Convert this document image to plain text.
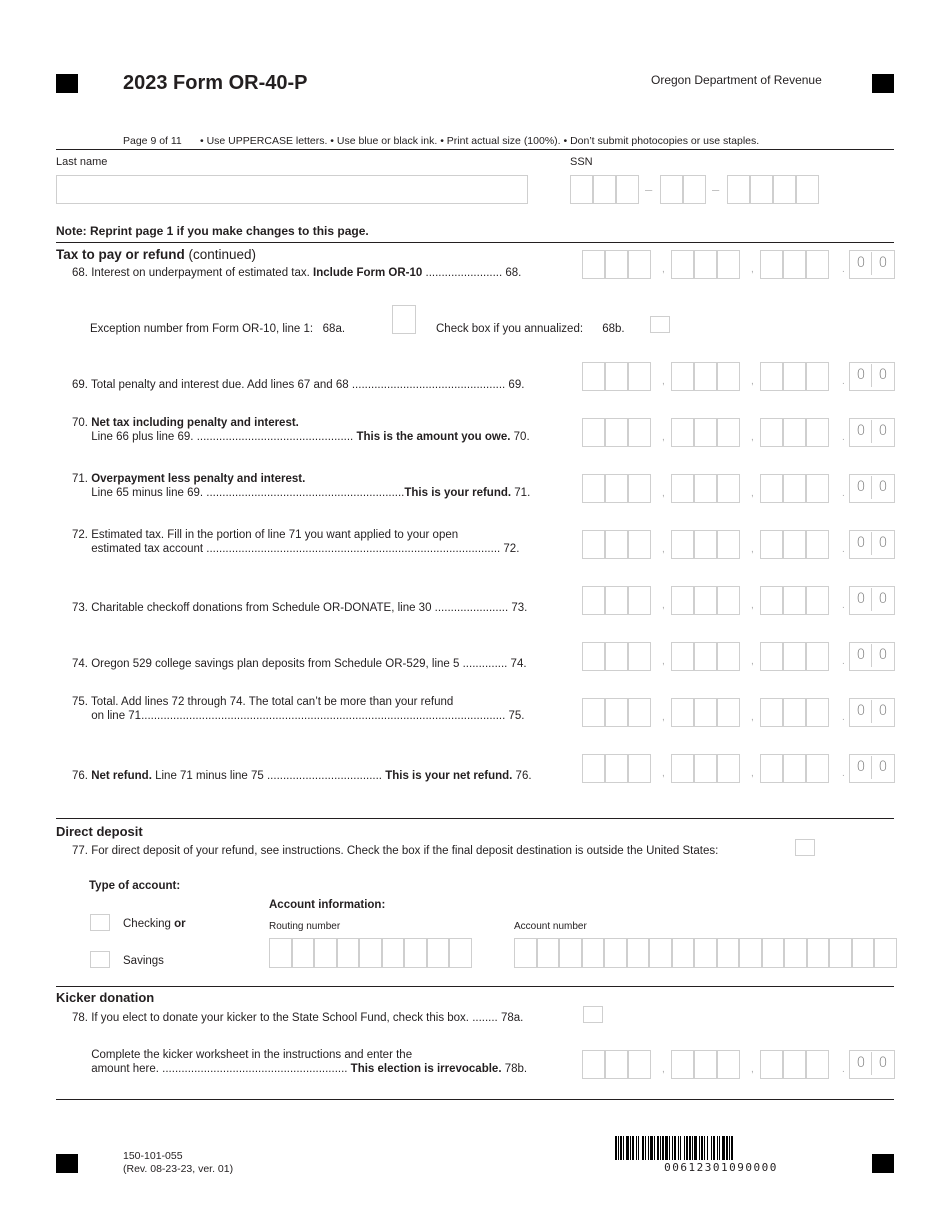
2023 Form OR-40-P	Oregon Department of Revenue
Page 9 of 11 • Use UPPERCASE letters. • Use blue or black ink. • Print actual size (100%). • Don’t submit photocopies or use staples.
Last name	SSN
–	–
Note: Reprint page 1 if you make changes to this page.
Tax to pay or refund (continued)
68. Interest on underpayment of estimated tax. Include Form OR-10 ........................ 68.	,	,	. 0 0
Exception number from Form OR-10, line 1: 68a.	Check box if you annualized: 68b.
69. Total penalty and interest due. Add lines 67 and 68 ................................................ 69.	,	,	. 0 0
70. Net tax including penalty and interest.
Line 66 plus line 69. ................................................. This is the amount you owe. 70.	,	,	. 0 0
71. Overpayment less penalty and interest.
Line 65 minus line 69. ..............................................................This is your refund. 71.	,	,	. 0 0
72. Estimated tax. Fill in the portion of line 71 you want applied to your open
estimated tax account ............................................................................................ 72.	,	,	. 0 0
73. Charitable checkoff donations from Schedule OR-DONATE, line 30 ....................... 73.	,	,	. 0 0
74. Oregon 529 college savings plan deposits from Schedule OR-529, line 5 .............. 74.	,	,	. 0 0
75. Total. Add lines 72 through 74. The total can’t be more than your refund
on line 71.................................................................................................................. 75.	,	,	. 0 0
76. Net refund. Line 71 minus line 75 .................................... This is your net refund. 76.	,	,	. 0 0
Direct deposit
77. For direct deposit of your refund, see instructions. Check the box if the final deposit destination is outside the United States:
Type of account:
Checking or
Savings
Account information:
Routing number	Account number
Kicker donation
78. If you elect to donate your kicker to the State School Fund, check this box. ........ 78a.
Complete the kicker worksheet in the instructions and enter the
amount here. .......................................................... This election is irrevocable. 78b.	,	,	. 0 0
150-101-055
(Rev. 08-23-23, ver. 01)	00612301090000
